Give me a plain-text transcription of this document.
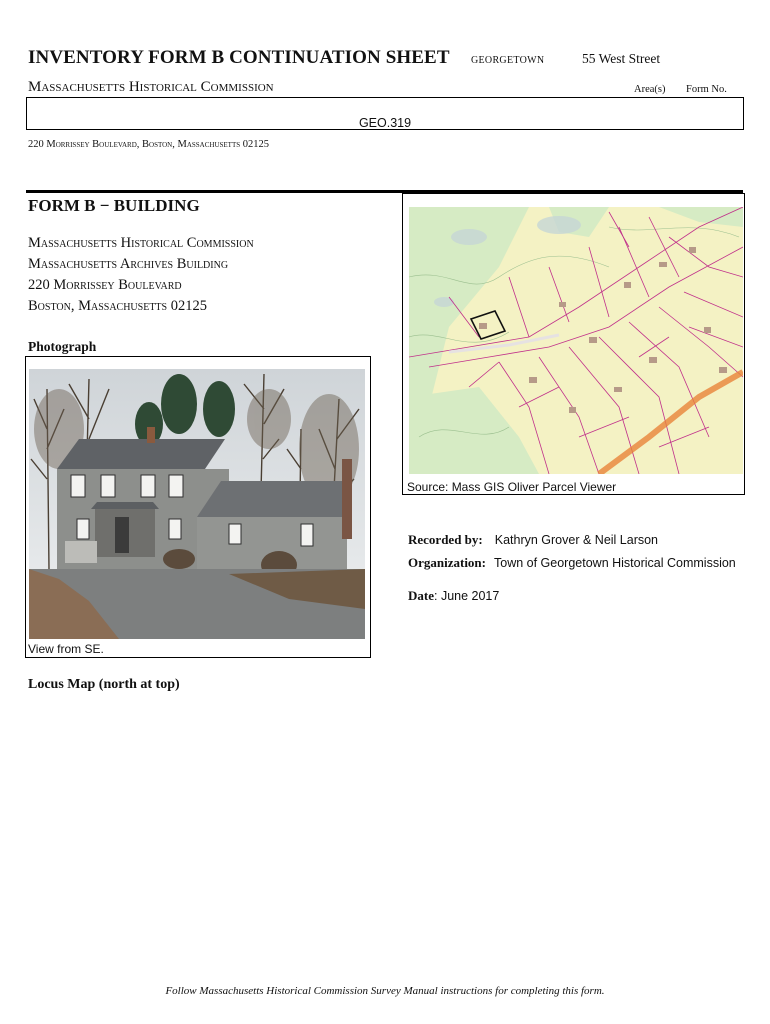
INVENTORY FORM B CONTINUATION SHEET GEORGETOWN	55 West Street
Massachusetts Historical Commission	Area(s) Form No.
GEO.319
220 Morrissey Boulevard, Boston, Massachusetts 02125
FORM B − BUILDING
Massachusetts Historical Commission
Massachusetts Archives Building
220 Morrissey Boulevard
Boston, Massachusetts 02125
Photograph
View from SE.
Source: Mass GIS Oliver Parcel Viewer
Recorded by: Kathryn Grover & Neil Larson
Organization: Town of Georgetown Historical Commission
Date: June 2017
Locus Map (north at top)
Follow Massachusetts Historical Commission Survey Manual instructions for completing this form.
